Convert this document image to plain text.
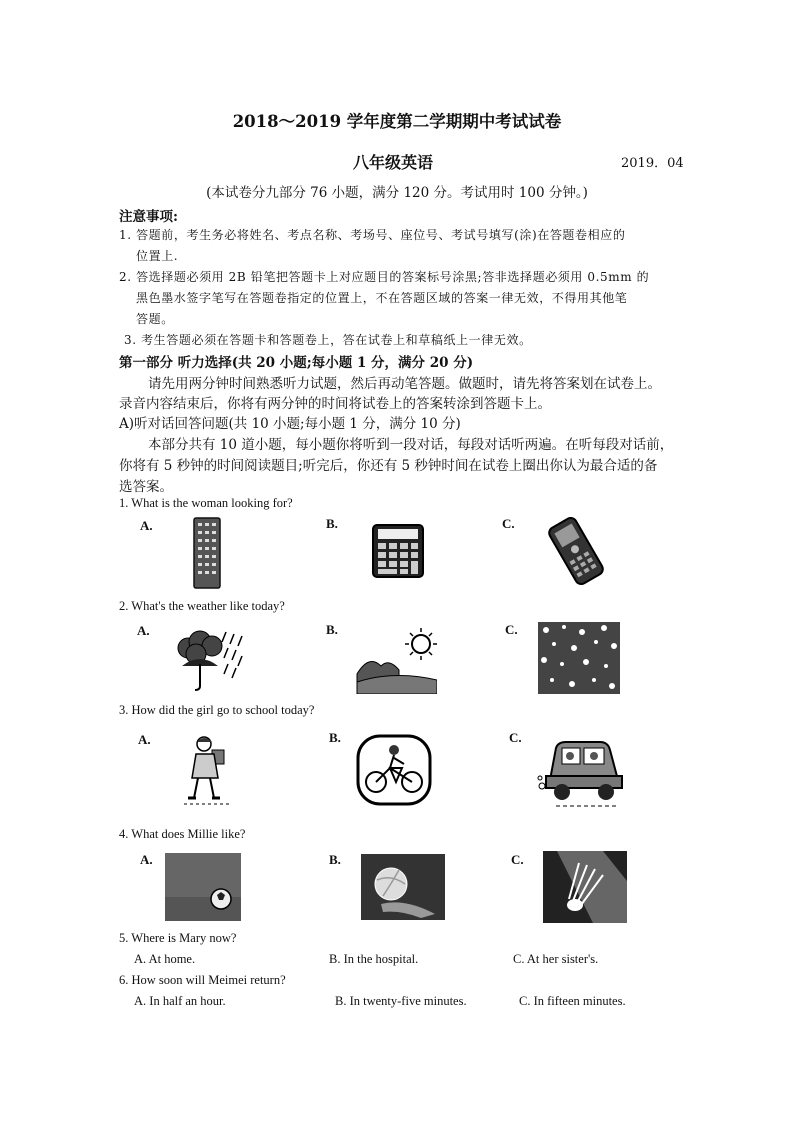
2018～2019 学年度第二学期期中考试试卷
八年级英语	2019．04
(本试卷分九部分 76 小题，满分 120 分。考试用时 100 分钟。)
注意事项:
1. 答题前，考生务必将姓名、考点名称、考场号、座位号、考试号填写(涂)在答题卷相应的
位置上.
2. 答选择题必须用 2B 铅笔把答题卡上对应题目的答案标号涂黑;答非选择题必须用 0.5mm 的
黑色墨水签字笔写在答题卷指定的位置上，不在答题区域的答案一律无效，不得用其他笔
答题。
3. 考生答题必须在答题卡和答题卷上，答在试卷上和草稿纸上一律无效。
第一部分 听力选择(共 20 小题;每小题 1 分，满分 20 分)
请先用两分钟时间熟悉听力试题，然后再动笔答题。做题时，请先将答案划在试卷上。
录音内容结束后，你将有两分钟的时间将试卷上的答案转涂到答题卡上。
A)听对话回答问题(共 10 小题;每小题 1 分，满分 10 分)
本部分共有 10 道小题，每小题你将听到一段对话，每段对话听两遍。在听每段对话前，
你将有 5 秒钟的时间阅读题目;听完后，你还有 5 秒钟时间在试卷上圈出你认为最合适的备
选答案。
1. What is the woman looking for?
A.	B.	C.
2. What's the weather like today?
A.	B.	C.
3. How did the girl go to school today?
A.	B.	C.
4. What does Millie like?
A.	B.	C.
5. Where is Mary now?
A. At home.	B. In the hospital.	C. At her sister's.
6. How soon will Meimei return?
A. In half an hour.	B. In twenty-five minutes.	C. In fifteen minutes.
